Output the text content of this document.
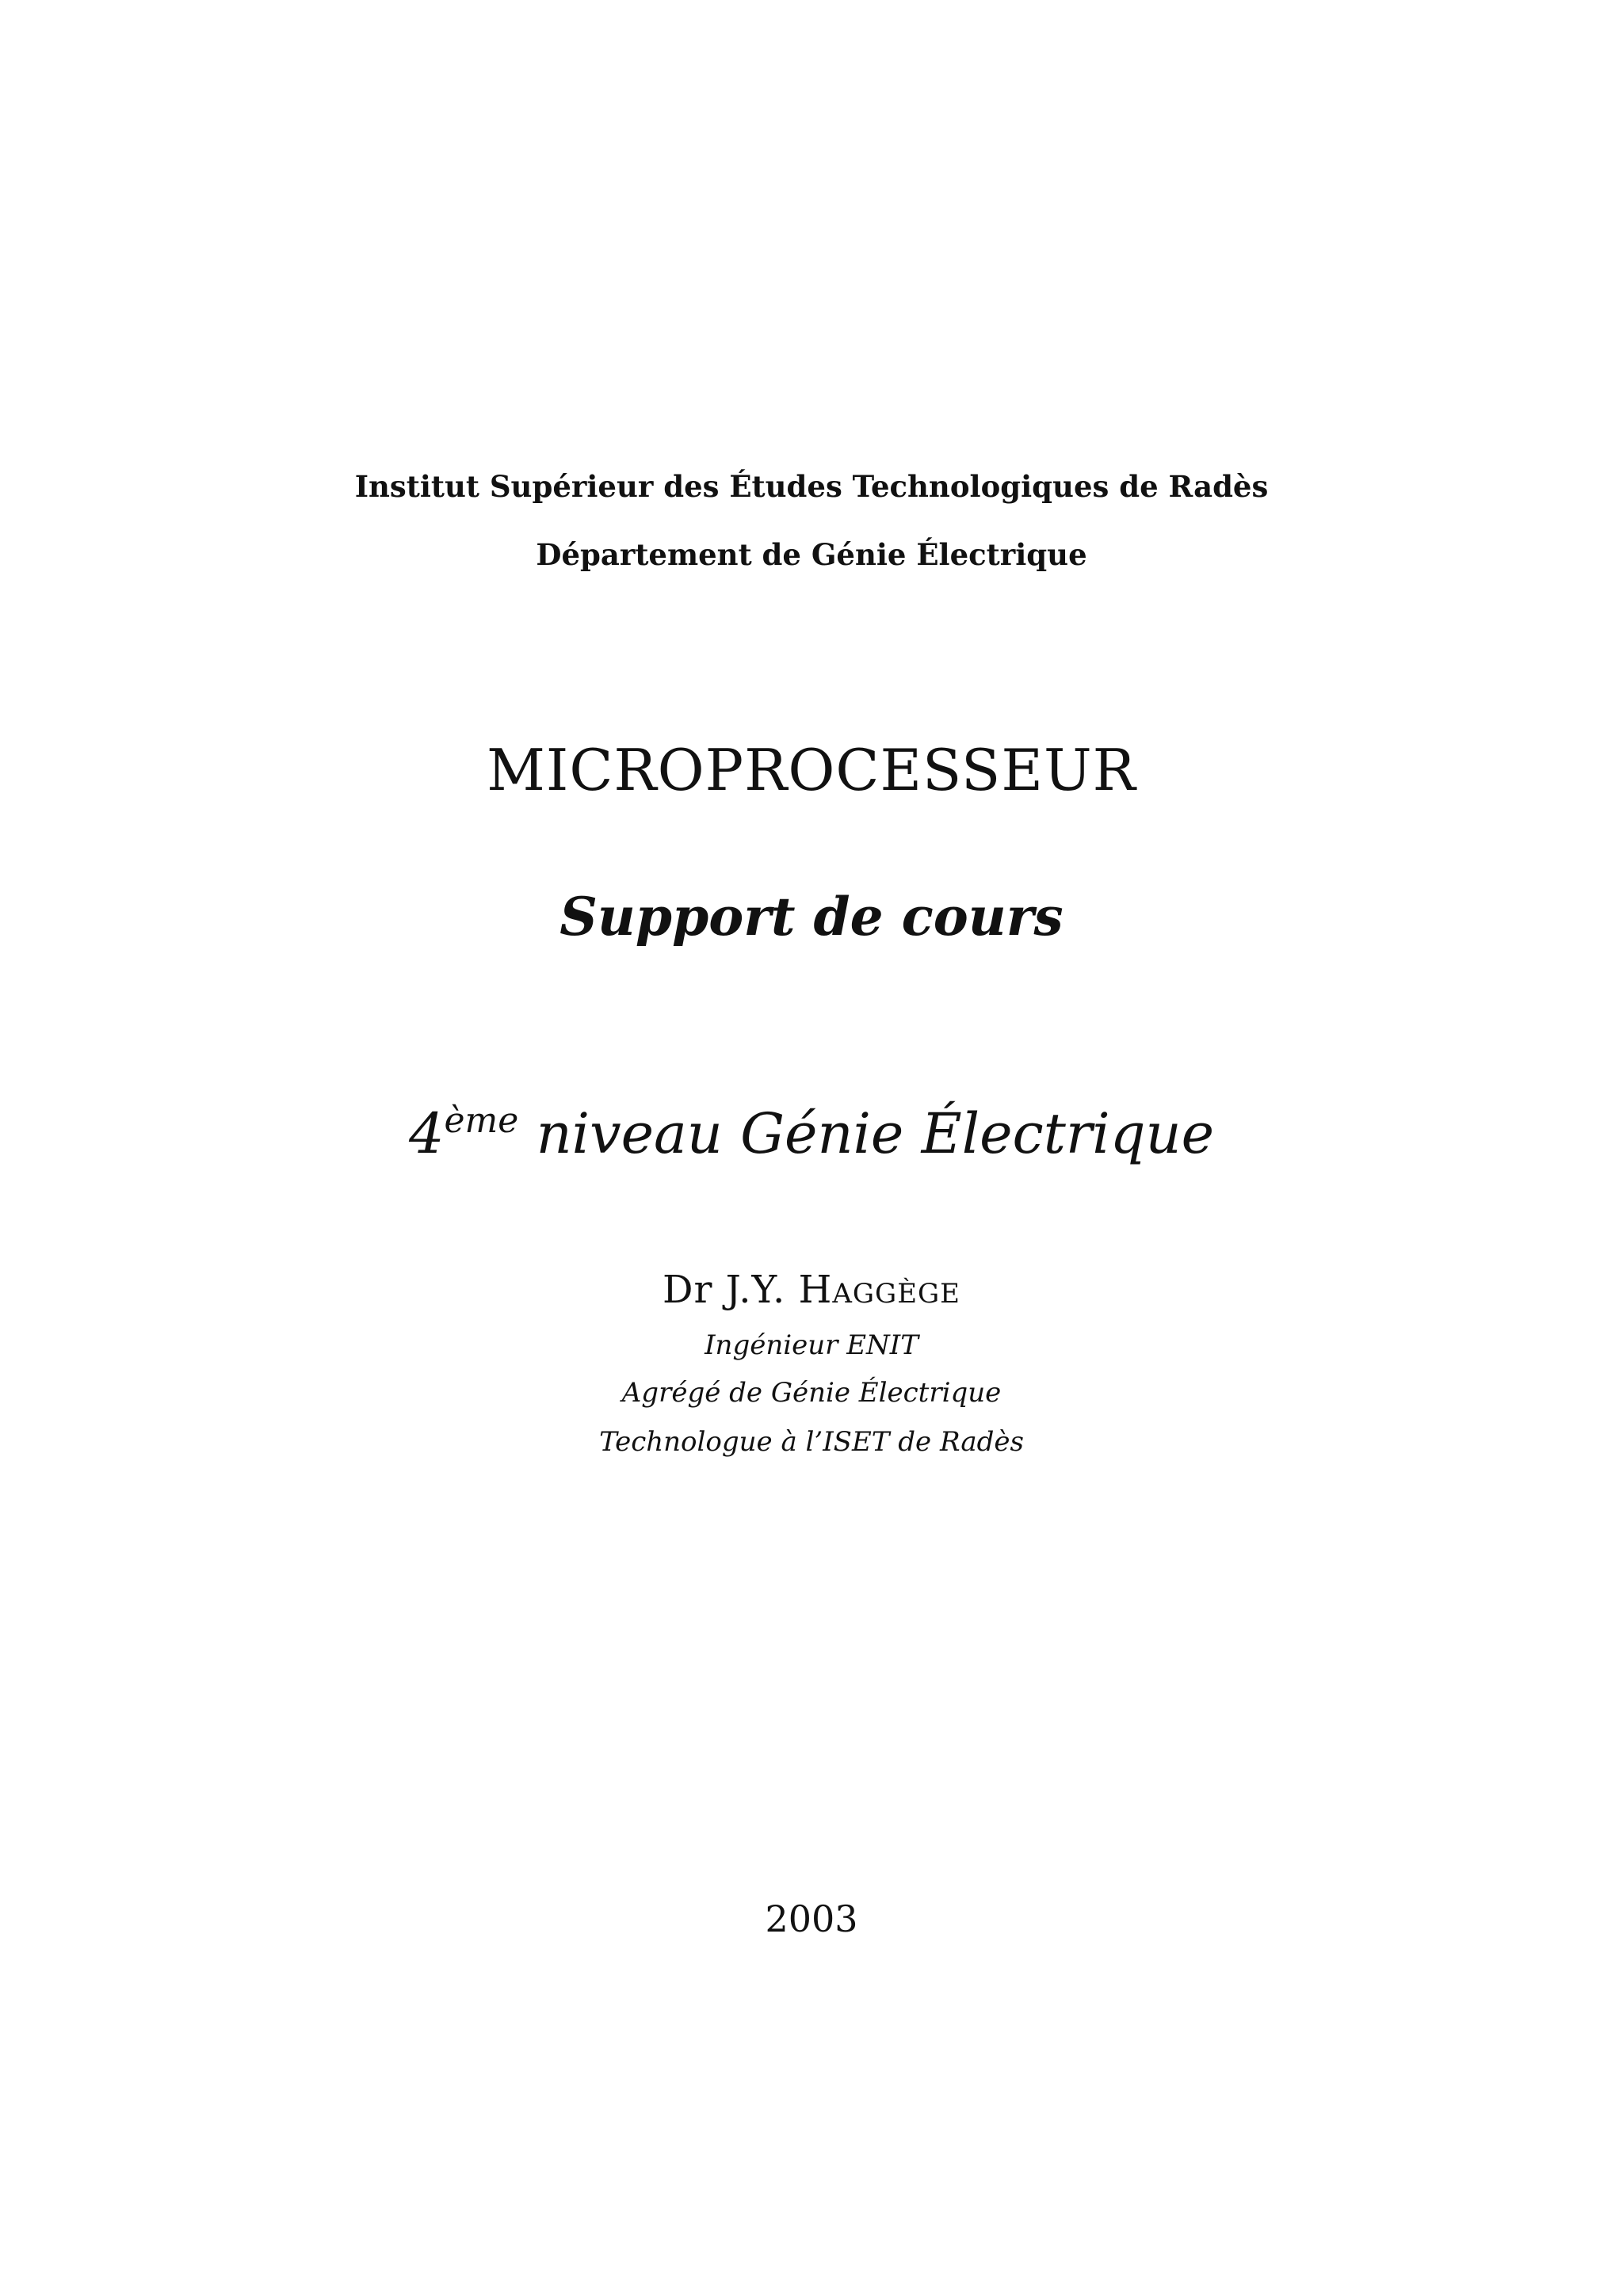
Institut Supérieur des Études Technologiques de Radès
Département de Génie Électrique
MICROPROCESSEUR
Support de cours
4ème niveau Génie Électrique
Dr J.Y. Haggège
Ingénieur ENIT
Agrégé de Génie Électrique
Technologue à l’ISET de Radès
2003
